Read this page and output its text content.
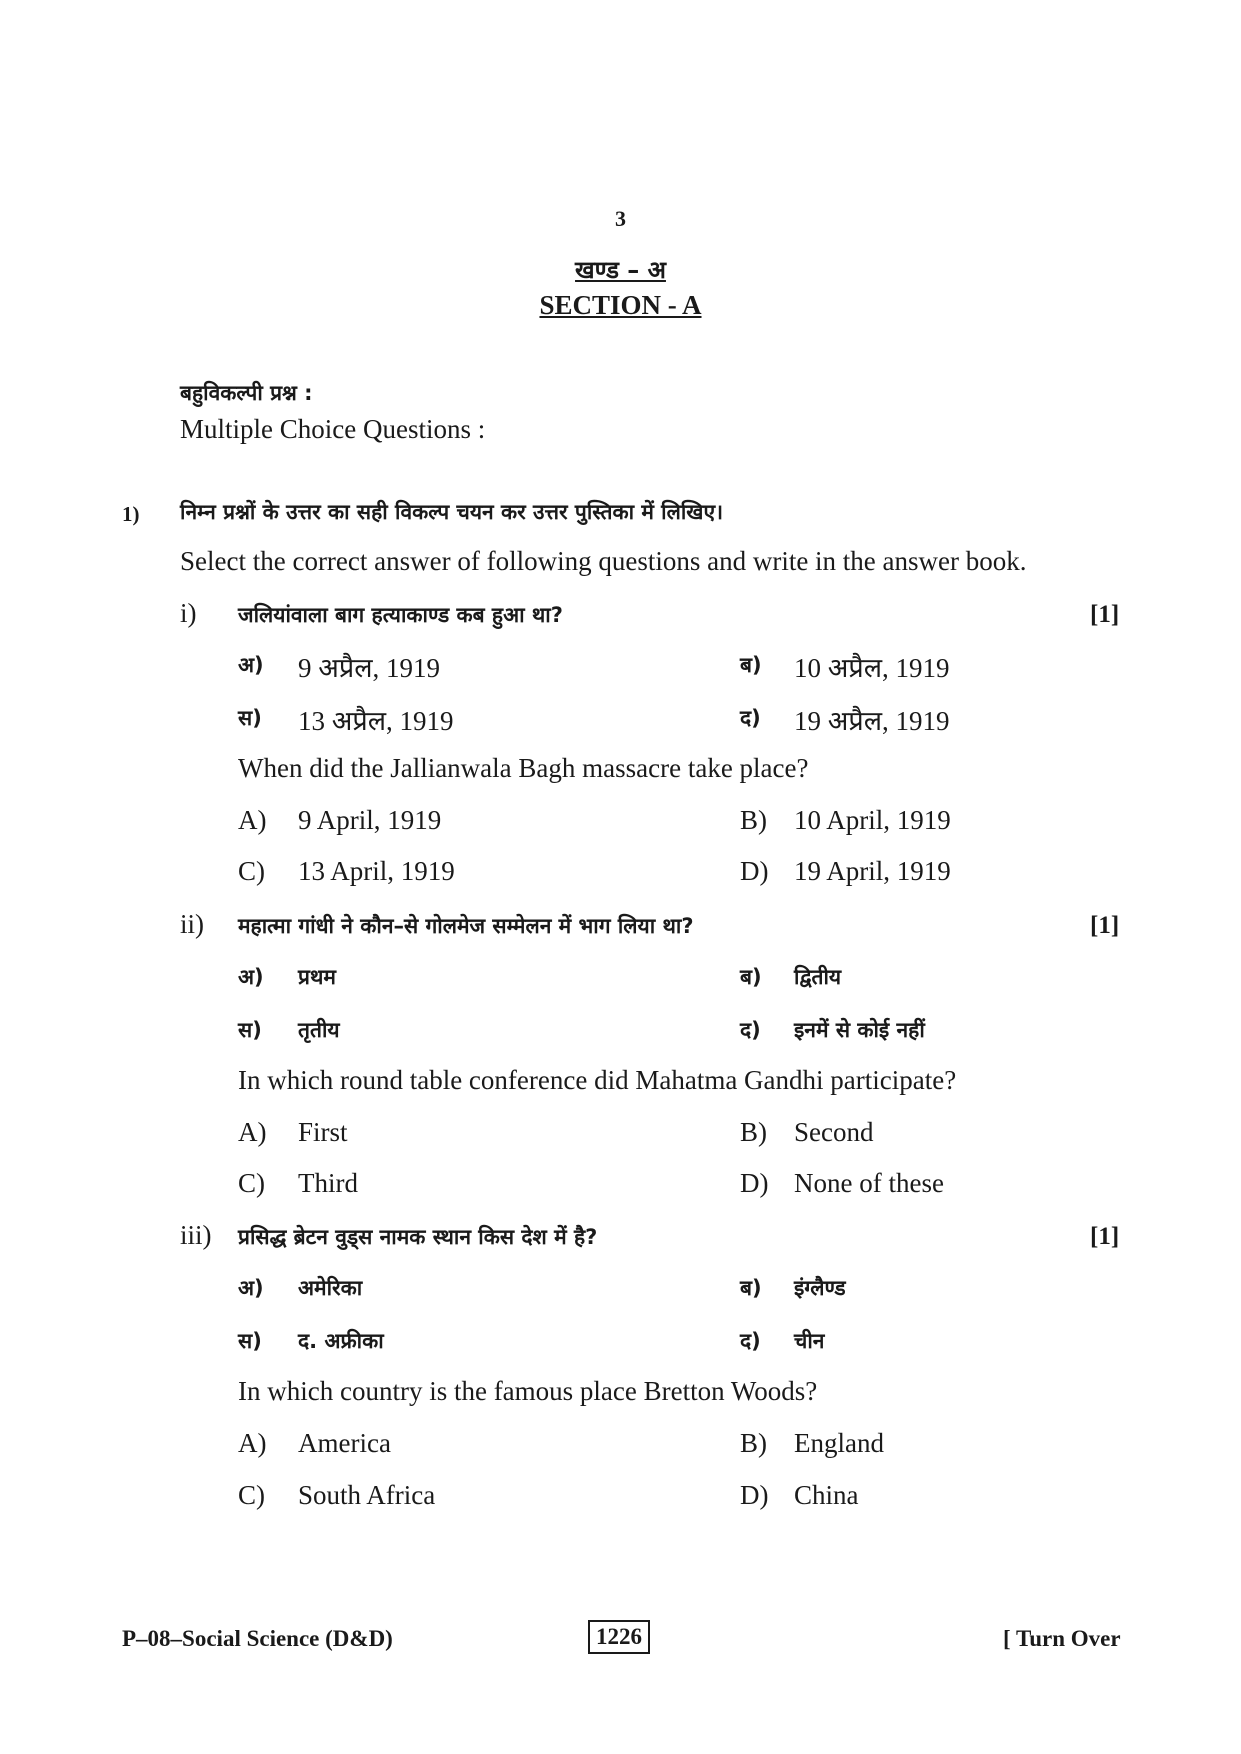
3
खण्ड – अ
SECTION - A
बहुविकल्पी प्रश्न :
Multiple Choice Questions :
1) निम्न प्रश्नों के उत्तर का सही विकल्प चयन कर उत्तर पुस्तिका में लिखिए।
Select the correct answer of following questions and write in the answer book.
i) जलियांवाला बाग हत्याकाण्ड कब हुआ था?	[1]
अ) 9 अप्रैल, 1919	ब) 10 अप्रैल, 1919
स) 13 अप्रैल, 1919	द) 19 अप्रैल, 1919
When did the Jallianwala Bagh massacre take place?
A) 9 April, 1919	B) 10 April, 1919
C) 13 April, 1919	D) 19 April, 1919
ii) महात्मा गांधी ने कौन–से गोलमेज सम्मेलन में भाग लिया था?	[1]
अ) प्रथम	ब) द्वितीय
स) तृतीय	द) इनमें से कोई नहीं
In which round table conference did Mahatma Gandhi participate?
A) First	B) Second
C) Third	D) None of these
iii) प्रसिद्ध ब्रेटन वुड्स नामक स्थान किस देश में है?	[1]
अ) अमेरिका	ब) इंग्लैण्ड
स) द. अफ्रीका	द) चीन
In which country is the famous place Bretton Woods?
A) America	B) England
C) South Africa	D) China
P–08–Social Science (D&D)	1226	[ Turn Over
